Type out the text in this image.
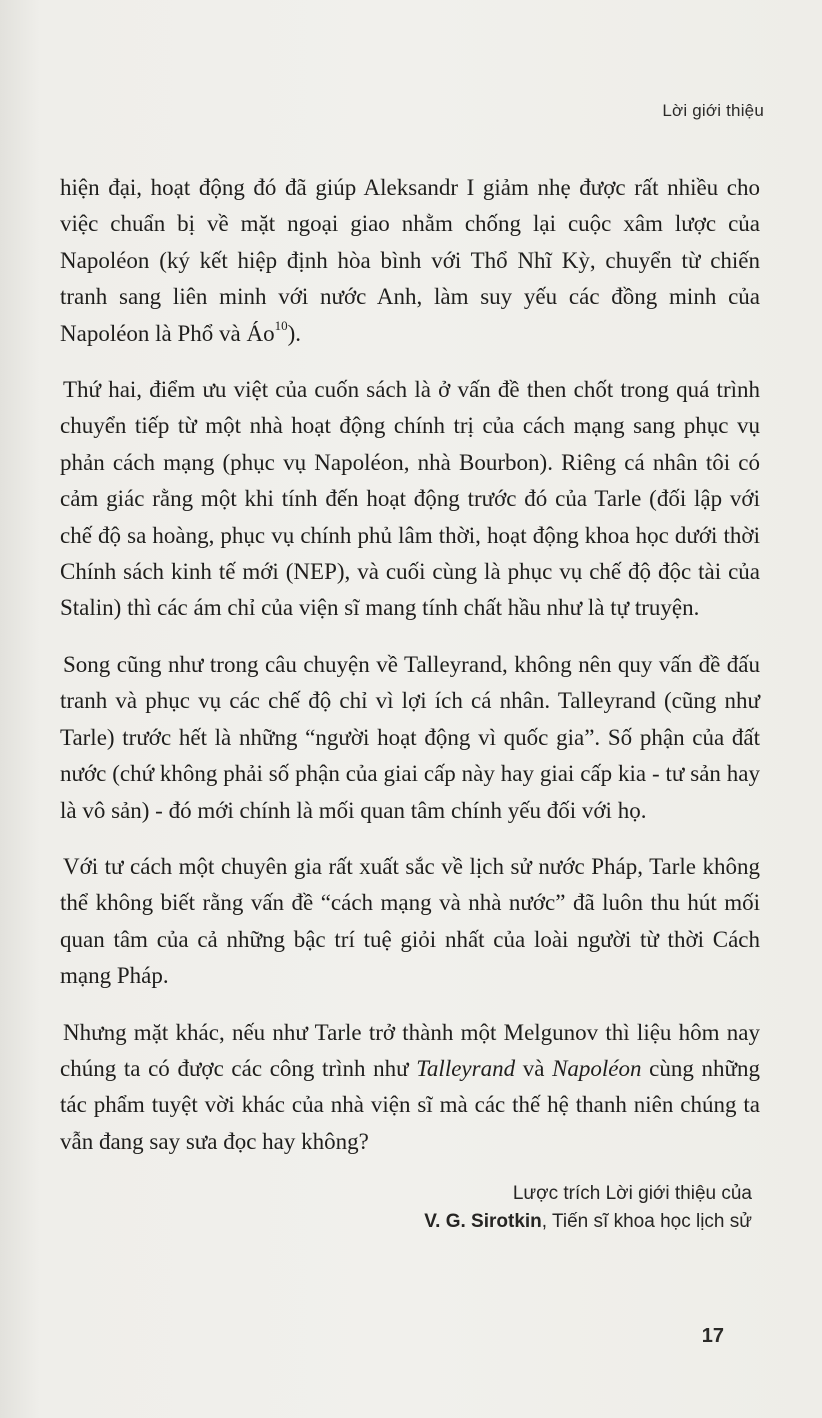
Lời giới thiệu

hiện đại, hoạt động đó đã giúp Aleksandr I giảm nhẹ được rất nhiều cho việc chuẩn bị về mặt ngoại giao nhằm chống lại cuộc xâm lược của Napoléon (ký kết hiệp định hòa bình với Thổ Nhĩ Kỳ, chuyển từ chiến tranh sang liên minh với nước Anh, làm suy yếu các đồng minh của Napoléon là Phổ và $Áo^{10}$).

Thứ hai, điểm ưu việt của cuốn sách là ở vấn đề then chốt trong quá trình chuyển tiếp từ một nhà hoạt động chính trị của cách mạng sang phục vụ phản cách mạng (phục vụ Napoléon, nhà Bourbon). Riêng cá nhân tôi có cảm giác rằng một khi tính đến hoạt động trước đó của Tarle (đối lập với chế độ sa hoàng, phục vụ chính phủ lâm thời, hoạt động khoa học dưới thời Chính sách kinh tế mới (NEP), và cuối cùng là phục vụ chế độ độc tài của Stalin) thì các ám chỉ của viện sĩ mang tính chất hầu như là tự truyện.

Song cũng như trong câu chuyện về Talleyrand, không nên quy vấn đề đấu tranh và phục vụ các chế độ chỉ vì lợi ích cá nhân. Talleyrand (cũng như Tarle) trước hết là những “người hoạt động vì quốc gia”. Số phận của đất nước (chứ không phải số phận của giai cấp này hay giai cấp kia - tư sản hay là vô sản) - đó mới chính là mối quan tâm chính yếu đối với họ.

Với tư cách một chuyên gia rất xuất sắc về lịch sử nước Pháp, Tarle không thể không biết rằng vấn đề “cách mạng và nhà nước” đã luôn thu hút mối quan tâm của cả những bậc trí tuệ giỏi nhất của loài người từ thời Cách mạng Pháp.

Nhưng mặt khác, nếu như Tarle trở thành một Melgunov thì liệu hôm nay chúng ta có được các công trình như Talleyrand và Napoléon cùng những tác phẩm tuyệt vời khác của nhà viện sĩ mà các thế hệ thanh niên chúng ta vẫn đang say sưa đọc hay không?

Lược trích Lời giới thiệu của
V. G. Sirotkin, Tiến sĩ khoa học lịch sử
17
